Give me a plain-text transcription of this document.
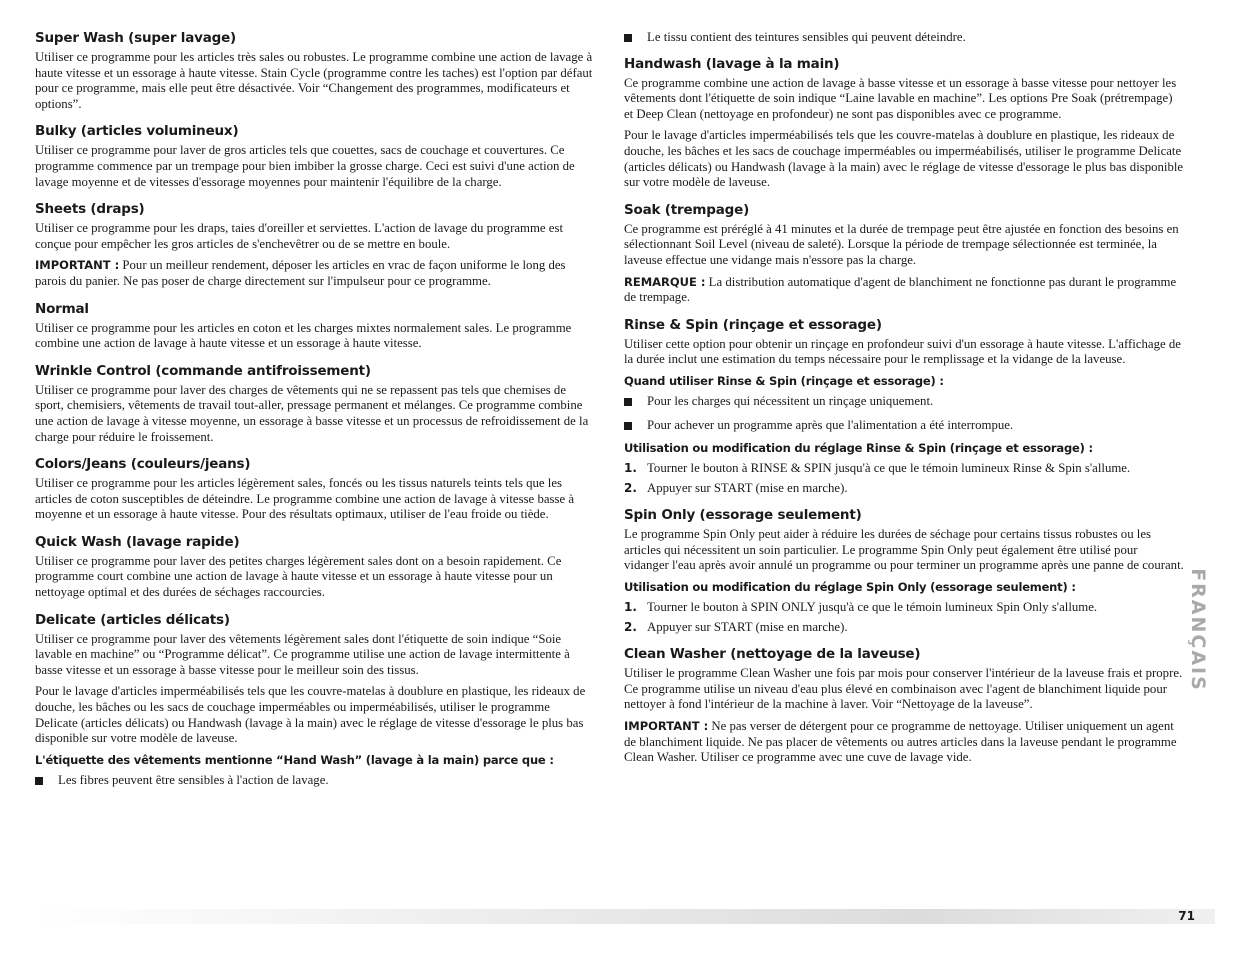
Super Wash (super lavage)

Utiliser ce programme pour les articles très sales ou robustes. Le programme combine une action de lavage à haute vitesse et un essorage à haute vitesse. Stain Cycle (programme contre les taches) est l'option par défaut pour ce programme, mais elle peut être désactivée. Voir “Changement des programmes, modificateurs et options”.

Bulky (articles volumineux)

Utiliser ce programme pour laver de gros articles tels que couettes, sacs de couchage et couvertures. Ce programme commence par un trempage pour bien imbiber la grosse charge. Ceci est suivi d'une action de lavage moyenne et de vitesses d'essorage moyennes pour maintenir l'équilibre de la charge.

Sheets (draps)

Utiliser ce programme pour les draps, taies d'oreiller et serviettes. L'action de lavage du programme est conçue pour empêcher les gros articles de s'enchevêtrer ou de se mettre en boule.

IMPORTANT : Pour un meilleur rendement, déposer les articles en vrac de façon uniforme le long des parois du panier. Ne pas poser de charge directement sur l'impulseur pour ce programme.

Normal

Utiliser ce programme pour les articles en coton et les charges mixtes normalement sales. Le programme combine une action de lavage à haute vitesse et un essorage à haute vitesse.

Wrinkle Control (commande antifroissement)

Utiliser ce programme pour laver des charges de vêtements qui ne se repassent pas tels que chemises de sport, chemisiers, vêtements de travail tout-aller, pressage permanent et mélanges. Ce programme combine une action de lavage à vitesse moyenne, un essorage à basse vitesse et un processus de refroidissement de la charge pour réduire le froissement.

Colors/Jeans (couleurs/jeans)

Utiliser ce programme pour les articles légèrement sales, foncés ou les tissus naturels teints tels que les articles de coton susceptibles de déteindre. Le programme combine une action de lavage à vitesse basse à moyenne et un essorage à haute vitesse. Pour des résultats optimaux, utiliser de l'eau froide ou tiède.

Quick Wash (lavage rapide)

Utiliser ce programme pour laver des petites charges légèrement sales dont on a besoin rapidement. Ce programme court combine une action de lavage à haute vitesse et un essorage à haute vitesse pour un nettoyage optimal et des durées de séchages raccourcies.

Delicate (articles délicats)

Utiliser ce programme pour laver des vêtements légèrement sales dont l'étiquette de soin indique “Soie lavable en machine” ou “Programme délicat”. Ce programme utilise une action de lavage intermittente à basse vitesse et un essorage à basse vitesse pour le meilleur soin des tissus.

Pour le lavage d'articles imperméabilisés tels que les couvre-matelas à doublure en plastique, les rideaux de douche, les bâches ou les sacs de couchage imperméables ou imperméabilisés, utiliser le programme Delicate (articles délicats) ou Handwash (lavage à la main) avec le réglage de vitesse d'essorage le plus bas disponible sur votre modèle de laveuse.

L'étiquette des vêtements mentionne “Hand Wash” (lavage à la main) parce que :
Les fibres peuvent être sensibles à l'action de lavage.
Le tissu contient des teintures sensibles qui peuvent déteindre.
Handwash (lavage à la main)

Ce programme combine une action de lavage à basse vitesse et un essorage à basse vitesse pour nettoyer les vêtements dont l'étiquette de soin indique “Laine lavable en machine”. Les options Pre Soak (prétrempage) et Deep Clean (nettoyage en profondeur) ne sont pas disponibles avec ce programme.

Pour le lavage d'articles imperméabilisés tels que les couvre-matelas à doublure en plastique, les rideaux de douche, les bâches et les sacs de couchage imperméables ou imperméabilisés, utiliser le programme Delicate (articles délicats) ou Handwash (lavage à la main) avec le réglage de vitesse d'essorage le plus bas disponible sur votre modèle de laveuse.

Soak (trempage)

Ce programme est préréglé à 41 minutes et la durée de trempage peut être ajustée en fonction des besoins en sélectionnant Soil Level (niveau de saleté). Lorsque la période de trempage sélectionnée est terminée, la laveuse effectue une vidange mais n'essore pas la charge.

REMARQUE : La distribution automatique d'agent de blanchiment ne fonctionne pas durant le programme de trempage.

Rinse & Spin (rinçage et essorage)

Utiliser cette option pour obtenir un rinçage en profondeur suivi d'un essorage à haute vitesse. L'affichage de la durée inclut une estimation du temps nécessaire pour le remplissage et la vidange de la laveuse.

Quand utiliser Rinse & Spin (rinçage et essorage) :
Pour les charges qui nécessitent un rinçage uniquement.
Pour achever un programme après que l'alimentation a été interrompue.
Utilisation ou modification du réglage Rinse & Spin (rinçage et essorage) :
1. Tourner le bouton à RINSE & SPIN jusqu'à ce que le témoin lumineux Rinse & Spin s'allume.
2. Appuyer sur START (mise en marche).
Spin Only (essorage seulement)

Le programme Spin Only peut aider à réduire les durées de séchage pour certains tissus robustes ou les articles qui nécessitent un soin particulier. Le programme Spin Only peut également être utilisé pour vidanger l'eau après avoir annulé un programme ou pour terminer un programme après une panne de courant.

Utilisation ou modification du réglage Spin Only (essorage seulement) :
1. Tourner le bouton à SPIN ONLY jusqu'à ce que le témoin lumineux Spin Only s'allume.
2. Appuyer sur START (mise en marche).
Clean Washer (nettoyage de la laveuse)

Utiliser le programme Clean Washer une fois par mois pour conserver l'intérieur de la laveuse frais et propre. Ce programme utilise un niveau d'eau plus élevé en combinaison avec l'agent de blanchiment liquide pour nettoyer à fond l'intérieur de la machine à laver. Voir “Nettoyage de la laveuse”.

IMPORTANT : Ne pas verser de détergent pour ce programme de nettoyage. Utiliser uniquement un agent de blanchiment liquide. Ne pas placer de vêtements ou autres articles dans la laveuse pendant le programme Clean Washer. Utiliser ce programme avec une cuve de lavage vide.

FRANÇAIS
71
